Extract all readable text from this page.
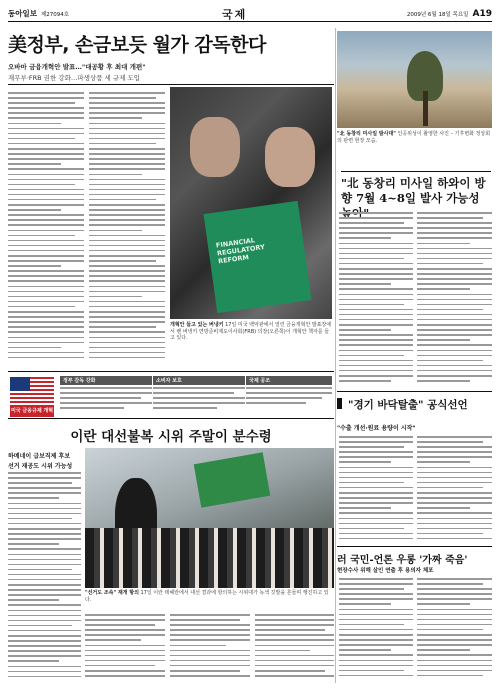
동아일보 제27094호	국제	2009년 6월 18일 목요일 A19
美정부, 손금보듯 월가 감독한다
오바마 금융개혁안 발표…"대공황 후 최대 개편"
재무부·FRB 권한 강화…파생상품 세 규제 도입
FINANCIAL REGULATORY REFORM
개혁안 들고 있는 버냉키 17일 미국 백악관에서 열린 금융개혁안 발표장에서 벤 버냉키 연방준비제도이사회(FRB) 의장(오른쪽)이 개혁안 책자를 들고 있다.
미국 금융규제 개혁안 요지
정부 감독 강화	소비자 보호	국제 공조
이란 대선불복 시위 주말이 분수령
하메네이 급보직제 후보
선거 재공도 시위 가능성
"선거도 조속" 재개 항의 17일 이란 테헤란에서 대선 결과에 항의하는 시위대가 녹색 깃발을 흔들며 행진하고 있다.
"北 동창리 미사일 발사대" 인공위성이 촬영한 사진 – 기후변화 정상회의 관련 현장 모습.
"北 동창리 미사일 하와이 방향 7월 4~8일 발사 가능성
"경기 바닥탈출" 공식선언
"수출 개선·원료 용량이 시작"
러 국민-언론 우롱 '가짜 죽음'
현장수사 위해 살인 연출 후 용의자 체포
